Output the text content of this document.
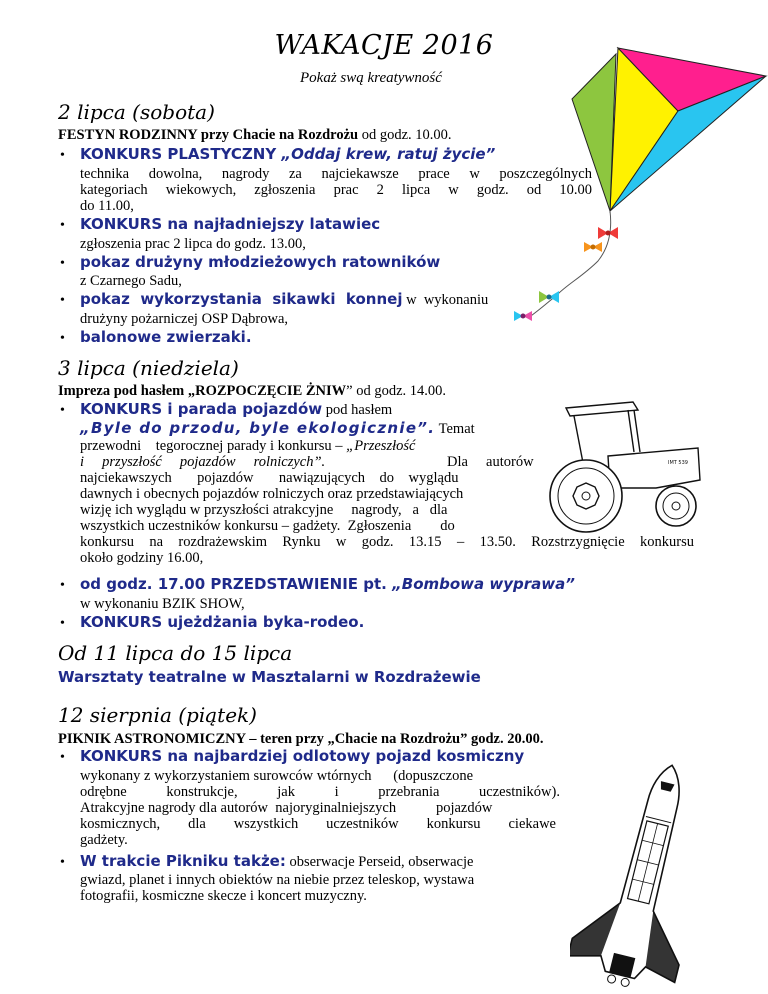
WAKACJE 2016
Pokaż swą kreatywność
2 lipca (sobota)
FESTYN RODZINNY przy Chacie na Rozdrożu od godz. 10.00.
• KONKURS PLASTYCZNY „Oddaj krew, ratuj życie”
technika dowolna, nagrody za najciekawsze prace w poszczególnych
kategoriach wiekowych, zgłoszenia prac 2 lipca w godz. od 10.00
do 11.00,
• KONKURS na najładniejszy latawiec
zgłoszenia prac 2 lipca do godz. 13.00,
• pokaz drużyny młodzieżowych ratowników
z Czarnego Sadu,
• pokaz  wykorzystania  sikawki  konnej w  wykonaniu
drużyny pożarniczej OSP Dąbrowa,
• balonowe zwierzaki.
3 lipca (niedziela)
Impreza pod hasłem „ROZPOCZĘCIE ŻNIW” od godz. 14.00.
• KONKURS i parada pojazdów pod hasłem
„Byle do przodu, byle ekologicznie”. Temat
przewodni    tegorocznej parady i konkursu – „Przeszłość
i     przyszłość     pojazdów     rolniczych”.	Dla     autorów
najciekawszych       pojazdów       nawiązujących    do    wyglądu
dawnych i obecnych pojazdów rolniczych oraz przedstawiających
wizję ich wyglądu w przyszłości atrakcyjne     nagrody,   a   dla
wszystkich uczestników konkursu – gadżety.  Zgłoszenia        do
konkursu na rozdrażewskim Rynku w godz. 13.15 – 13.50. Rozstrzygnięcie konkursu
około godziny 16.00,
IMT 539
• od godz. 17.00 PRZEDSTAWIENIE pt. „Bombowa wyprawa”
w wykonaniu BZIK SHOW,
• KONKURS ujeżdżania byka-rodeo.
Od 11 lipca do 15 lipca
Warsztaty teatralne w Masztalarni w Rozdrażewie
12 sierpnia (piątek)
PIKNIK ASTRONOMICZNY – teren przy „Chacie na Rozdrożu” godz. 20.00.
• KONKURS na najbardziej odlotowy pojazd kosmiczny
wykonany z wykorzystaniem surowców wtórnych      (dopuszczone
odrębne konstrukcje, jak i przebrania uczestników).
Atrakcyjne nagrody dla autorów  najoryginalniejszych           pojazdów
kosmicznych, dla wszystkich uczestników konkursu ciekawe
gadżety.
• W trakcie Pikniku także: obserwacje Perseid, obserwacje
gwiazd, planet i innych obiektów na niebie przez teleskop, wystawa
fotografii, kosmiczne skecze i koncert muzyczny.
